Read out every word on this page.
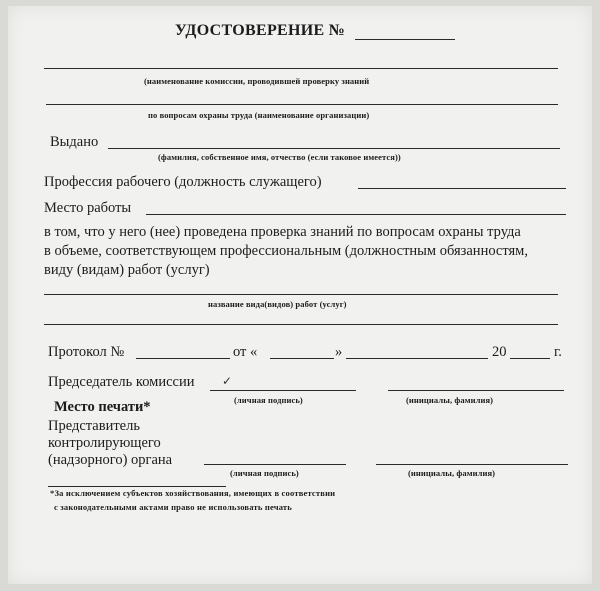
УДОСТОВЕРЕНИЕ №
(наименование комиссии, проводившей проверку знаний
по вопросам охраны труда (наименование организации)
Выдано
(фамилия, собственное имя, отчество (если таковое имеется))
Профессия рабочего (должность служащего)
Место работы
в том, что у него (нее) проведена проверка знаний по вопросам охраны труда
в объеме, соответствующем профессиональным (должностным обязанностям,
виду (видам) работ (услуг)
название вида(видов) работ (услуг)
Протокол №	от «	»	20	г.
Председатель комиссии ✓
(личная подпись)	(инициалы, фамилия)
Место печати*
Представитель
контролирующего
(надзорного) органа
(личная подпись)	(инициалы, фамилия)
*За исключением субъектов хозяйствования, имеющих в соответствии
с законодательными актами право не использовать печать
